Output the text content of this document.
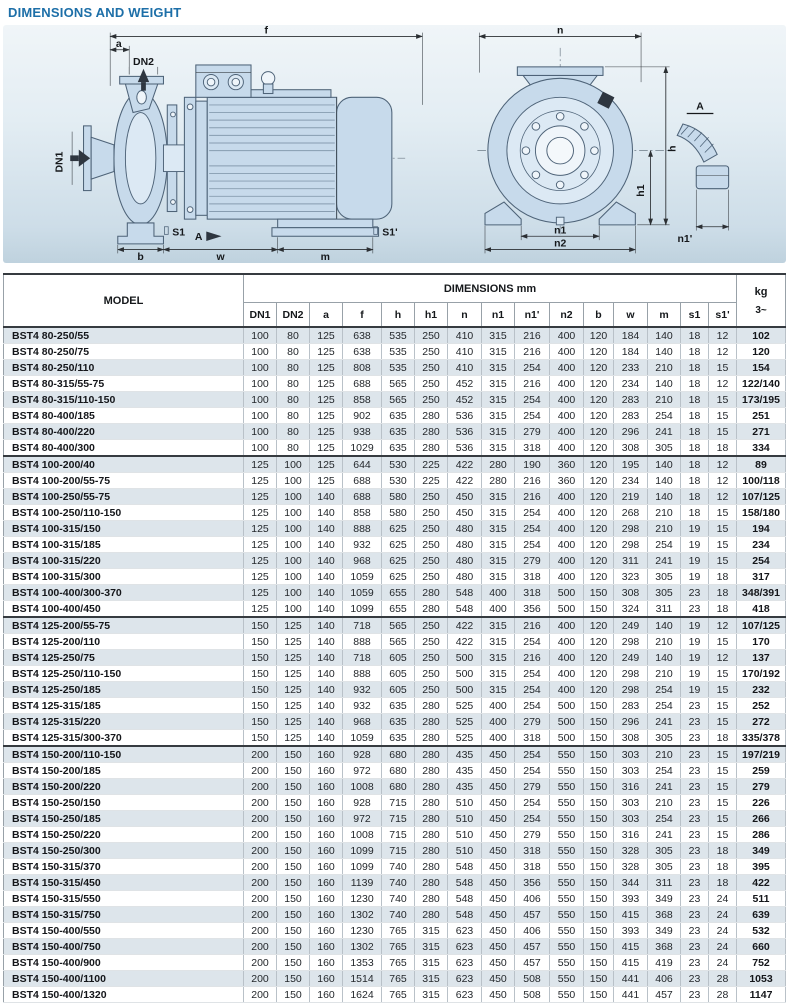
DIMENSIONS AND WEIGHT
f
a
DN2
DN1
S1 A	S1'
b	w	m
n
h
h1
n1
n2
A
n1'
MODEL	DIMENSIONS mm															kg
3~

	DN1	DN2	a	f	h	h1	n	n1	n1'	n2	b	w	m	s1	s1'	
BST4 80-250/55	100	80	125	638	535	250	410	315	216	400	120	184	140	18	12	102
BST4 80-250/75	100	80	125	638	535	250	410	315	216	400	120	184	140	18	12	120
BST4 80-250/110	100	80	125	808	535	250	410	315	254	400	120	233	210	18	15	154
BST4 80-315/55-75	100	80	125	688	565	250	452	315	216	400	120	234	140	18	12	122/140
BST4 80-315/110-150	100	80	125	858	565	250	452	315	254	400	120	283	210	18	15	173/195
BST4 80-400/185	100	80	125	902	635	280	536	315	254	400	120	283	254	18	15	251
BST4 80-400/220	100	80	125	938	635	280	536	315	279	400	120	296	241	18	15	271
BST4 80-400/300	100	80	125	1029	635	280	536	315	318	400	120	308	305	18	18	334
BST4 100-200/40	125	100	125	644	530	225	422	280	190	360	120	195	140	18	12	89
BST4 100-200/55-75	125	100	125	688	530	225	422	280	216	360	120	234	140	18	12	100/118
BST4 100-250/55-75	125	100	140	688	580	250	450	315	216	400	120	219	140	18	12	107/125
BST4 100-250/110-150	125	100	140	858	580	250	450	315	254	400	120	268	210	18	15	158/180
BST4 100-315/150	125	100	140	888	625	250	480	315	254	400	120	298	210	19	15	194
BST4 100-315/185	125	100	140	932	625	250	480	315	254	400	120	298	254	19	15	234
BST4 100-315/220	125	100	140	968	625	250	480	315	279	400	120	311	241	19	15	254
BST4 100-315/300	125	100	140	1059	625	250	480	315	318	400	120	323	305	19	18	317
BST4 100-400/300-370	125	100	140	1059	655	280	548	400	318	500	150	308	305	23	18	348/391
BST4 100-400/450	125	100	140	1099	655	280	548	400	356	500	150	324	311	23	18	418
BST4 125-200/55-75	150	125	140	718	565	250	422	315	216	400	120	249	140	19	12	107/125
BST4 125-200/110	150	125	140	888	565	250	422	315	254	400	120	298	210	19	15	170
BST4 125-250/75	150	125	140	718	605	250	500	315	216	400	120	249	140	19	12	137
BST4 125-250/110-150	150	125	140	888	605	250	500	315	254	400	120	298	210	19	15	170/192
BST4 125-250/185	150	125	140	932	605	250	500	315	254	400	120	298	254	19	15	232
BST4 125-315/185	150	125	140	932	635	280	525	400	254	500	150	283	254	23	15	252
BST4 125-315/220	150	125	140	968	635	280	525	400	279	500	150	296	241	23	15	272
BST4 125-315/300-370	150	125	140	1059	635	280	525	400	318	500	150	308	305	23	18	335/378
BST4 150-200/110-150	200	150	160	928	680	280	435	450	254	550	150	303	210	23	15	197/219
BST4 150-200/185	200	150	160	972	680	280	435	450	254	550	150	303	254	23	15	259
BST4 150-200/220	200	150	160	1008	680	280	435	450	279	550	150	316	241	23	15	279
BST4 150-250/150	200	150	160	928	715	280	510	450	254	550	150	303	210	23	15	226
BST4 150-250/185	200	150	160	972	715	280	510	450	254	550	150	303	254	23	15	266
BST4 150-250/220	200	150	160	1008	715	280	510	450	279	550	150	316	241	23	15	286
BST4 150-250/300	200	150	160	1099	715	280	510	450	318	550	150	328	305	23	18	349
BST4 150-315/370	200	150	160	1099	740	280	548	450	318	550	150	328	305	23	18	395
BST4 150-315/450	200	150	160	1139	740	280	548	450	356	550	150	344	311	23	18	422
BST4 150-315/550	200	150	160	1230	740	280	548	450	406	550	150	393	349	23	24	511
BST4 150-315/750	200	150	160	1302	740	280	548	450	457	550	150	415	368	23	24	639
BST4 150-400/550	200	150	160	1230	765	315	623	450	406	550	150	393	349	23	24	532
BST4 150-400/750	200	150	160	1302	765	315	623	450	457	550	150	415	368	23	24	660
BST4 150-400/900	200	150	160	1353	765	315	623	450	457	550	150	415	419	23	24	752
BST4 150-400/1100	200	150	160	1514	765	315	623	450	508	550	150	441	406	23	28	1053
BST4 150-400/1320	200	150	160	1624	765	315	623	450	508	550	150	441	457	23	28	1147
